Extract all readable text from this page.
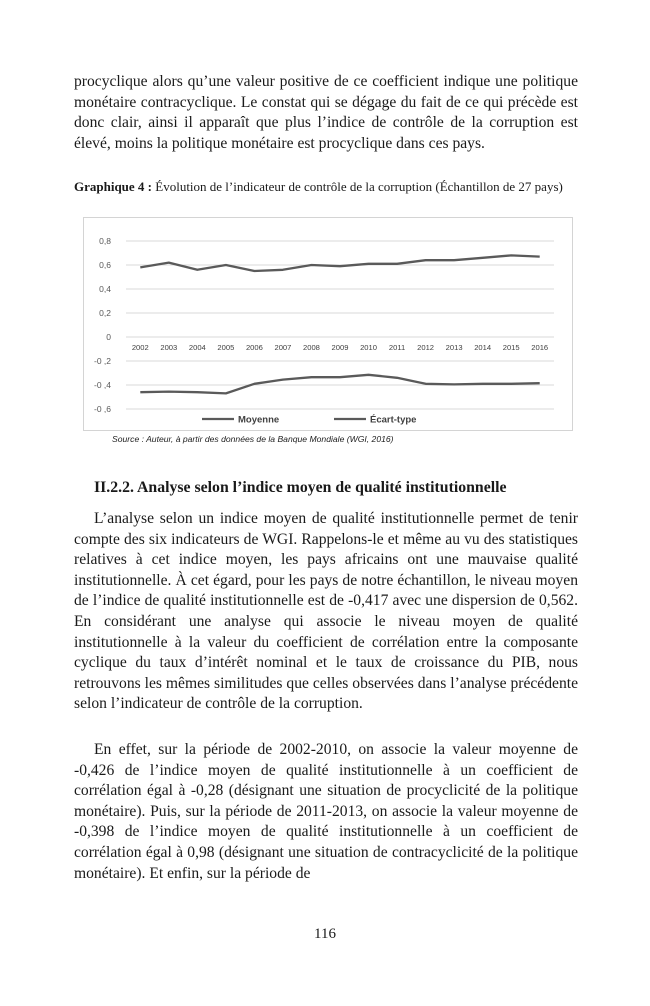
procyclique alors qu’une valeur positive de ce coefficient indique une politique monétaire contracyclique. Le constat qui se dégage du fait de ce qui précède est donc clair, ainsi il apparaît que plus l’indice de contrôle de la corruption est élevé, moins la politique monétaire est procyclique dans ces pays.

Graphique 4 : Évolution de l’indicateur de contrôle de la corruption (Échantillon de 27 pays)

0,8
0,6
0,4
0,2
0
-0 ,2
-0 ,4
-0 ,6
2002 2003 2004 2005 2006 2007 2008 2009 2010 2011 2012 2013 2014 2015 2016
Moyenne	Écart-type
Source : Auteur, à partir des données de la Banque Mondiale (WGI, 2016)
II.2.2. Analyse selon l’indice moyen de qualité institutionnelle

L’analyse selon un indice moyen de qualité institutionnelle permet de tenir compte des six indicateurs de WGI. Rappelons-le et même au vu des statistiques relatives à cet indice moyen, les pays africains ont une mauvaise qualité institutionnelle. À cet égard, pour les pays de notre échantillon, le niveau moyen de l’indice de qualité institutionnelle est de -0,417 avec une dispersion de 0,562. En considérant une analyse qui associe le niveau moyen de qualité institutionnelle à la valeur du coefficient de corrélation entre la composante cyclique du taux d’intérêt nominal et le taux de croissance du PIB, nous retrouvons les mêmes similitudes que celles observées dans l’analyse précédente selon l’indicateur de contrôle de la corruption.

En effet, sur la période de 2002-2010, on associe la valeur moyenne de -0,426 de l’indice moyen de qualité institutionnelle à un coefficient de corrélation égal à -0,28 (désignant une situation de procyclicité de la politique monétaire). Puis, sur la période de 2011-2013, on associe la valeur moyenne de -0,398 de l’indice moyen de qualité institutionnelle à un coefficient de corrélation égal à 0,98 (désignant une situation de contracyclicité de la politique monétaire). Et enfin, sur la période de

116
